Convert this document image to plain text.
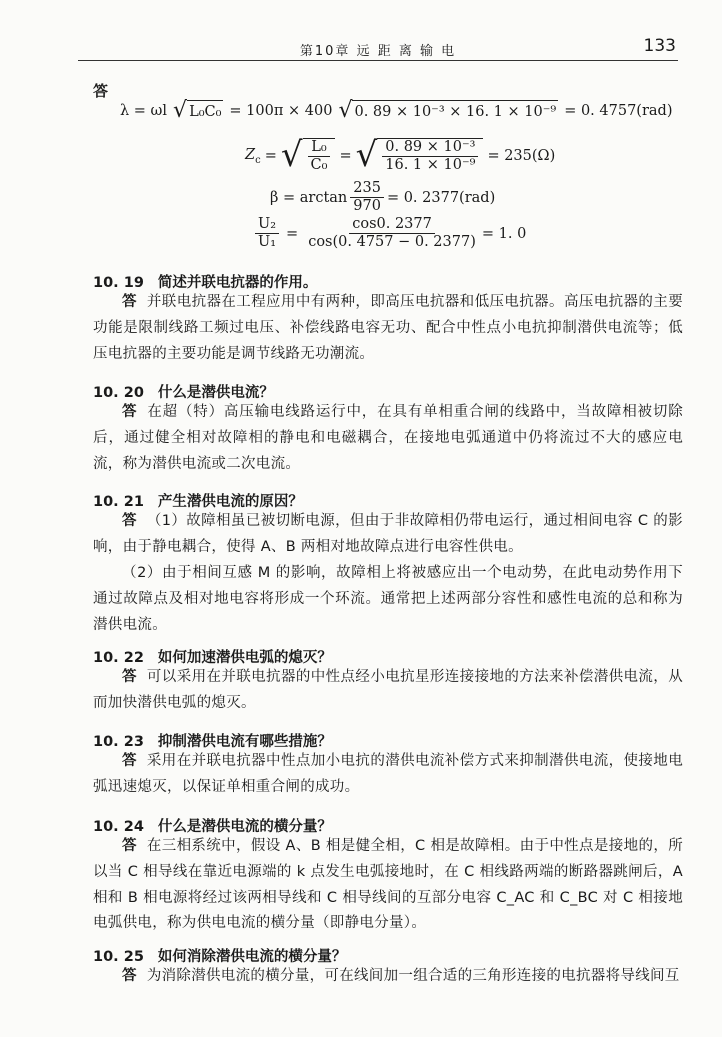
第10章 远 距 离 输 电	133
答
λ = ωl √ L₀C₀ = 100π × 400 √ 0. 89 × 10⁻³ × 16. 1 × 10⁻⁹ = 0. 4757(rad)
$Z_c$ = √ $\frac{\text{L₀}}{\text{C₀}}$ = √ $\frac{\text{0. 89 × 10⁻³}}{\text{16. 1 × 10⁻⁹}} = 235(\Omega)$
$\beta = \arctan \frac{235}{970} = 0$. 2377(rad)
$\frac{\text{U₂}}{\text{U₁}} = \frac{\cos 0. 2377}{\cos(0. 4757 - 0. 2377)} = 1$. 0
10. 19 简述并联电抗器的作用。
答 并联电抗器在工程应用中有两种，即高压电抗器和低压电抗器。高压电抗器的主要功能是限制线路工频过电压、补偿线路电容无功、配合中性点小电抗抑制潜供电流等；低压电抗器的主要功能是调节线路无功潮流。
10. 20 什么是潜供电流？
答 在超（特）高压输电线路运行中，在具有单相重合闸的线路中，当故障相被切除后，通过健全相对故障相的静电和电磁耦合，在接地电弧通道中仍将流过不大的感应电流，称为潜供电流或二次电流。
10. 21 产生潜供电流的原因？
答 （1）故障相虽已被切断电源，但由于非故障相仍带电运行，通过相间电容 C 的影响，由于静电耦合，使得 A、B 两相对地故障点进行电容性供电。
（2）由于相间互感 M 的影响，故障相上将被感应出一个电动势，在此电动势作用下通过故障点及相对地电容将形成一个环流。通常把上述两部分容性和感性电流的总和称为潜供电流。
10. 22 如何加速潜供电弧的熄灭？
答 可以采用在并联电抗器的中性点经小电抗星形连接接地的方法来补偿潜供电流，从而加快潜供电弧的熄灭。
10. 23 抑制潜供电流有哪些措施？
答 采用在并联电抗器中性点加小电抗的潜供电流补偿方式来抑制潜供电流，使接地电弧迅速熄灭，以保证单相重合闸的成功。
10. 24 什么是潜供电流的横分量？
答 在三相系统中，假设 A、B 相是健全相，C 相是故障相。由于中性点是接地的，所以当 C 相导线在靠近电源端的 k 点发生电弧接地时，在 C 相线路两端的断路器跳闸后，A 相和 B 相电源将经过该两相导线和 C 相导线间的互部分电容 C_AC 和 C_BC 对 C 相接地电弧供电，称为供电电流的横分量（即静电分量）。
10. 25 如何消除潜供电流的横分量？
答 为消除潜供电流的横分量，可在线间加一组合适的三角形连接的电抗器将导线间互
